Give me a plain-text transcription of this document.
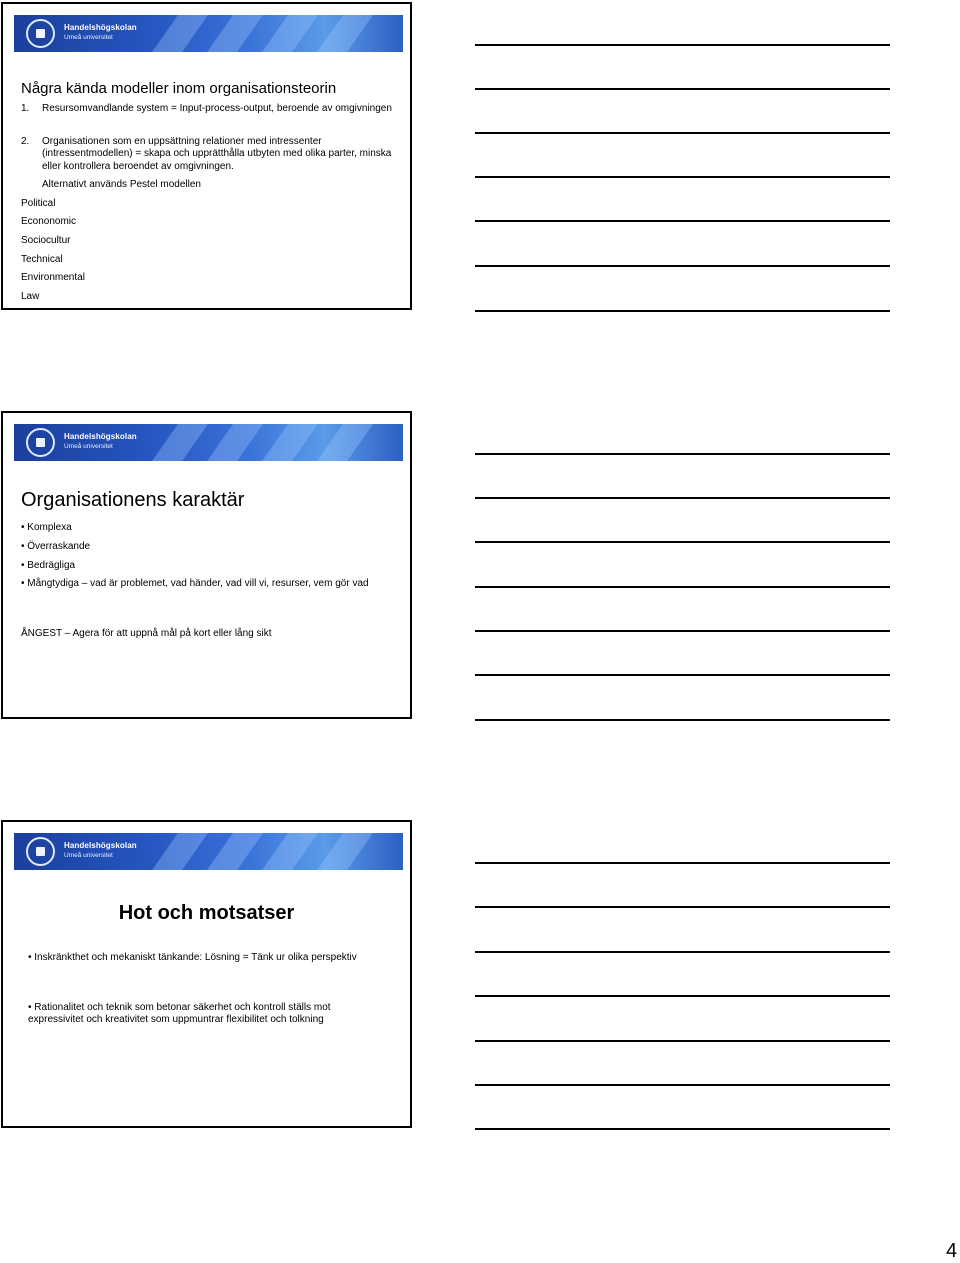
Handelshögskolan
Umeå universitet
Några kända modeller inom organisationsteorin
1. Resursomvandlande system = Input-process-output, beroende av omgivningen
2. Organisationen som en uppsättning relationer med intressenter (intressentmodellen) = skapa och upprätthålla utbyten med olika parter, minska eller kontrollera beroendet av omgivningen.
Alternativt används Pestel modellen
Political
Econonomic
Sociocultur
Technical
Environmental
Law
Handelshögskolan
Umeå universitet
Organisationens karaktär
• Komplexa
• Överraskande
• Bedrägliga
• Mångtydiga – vad är problemet, vad händer, vad vill vi, resurser, vem gör vad
ÅNGEST – Agera för att uppnå mål på kort eller lång sikt
Handelshögskolan
Umeå universitet
Hot och motsatser
• Inskränkthet och mekaniskt tänkande: Lösning = Tänk ur olika perspektiv
• Rationalitet och teknik som betonar säkerhet och kontroll ställs mot expressivitet och kreativitet som uppmuntrar flexibilitet och tolkning
4
